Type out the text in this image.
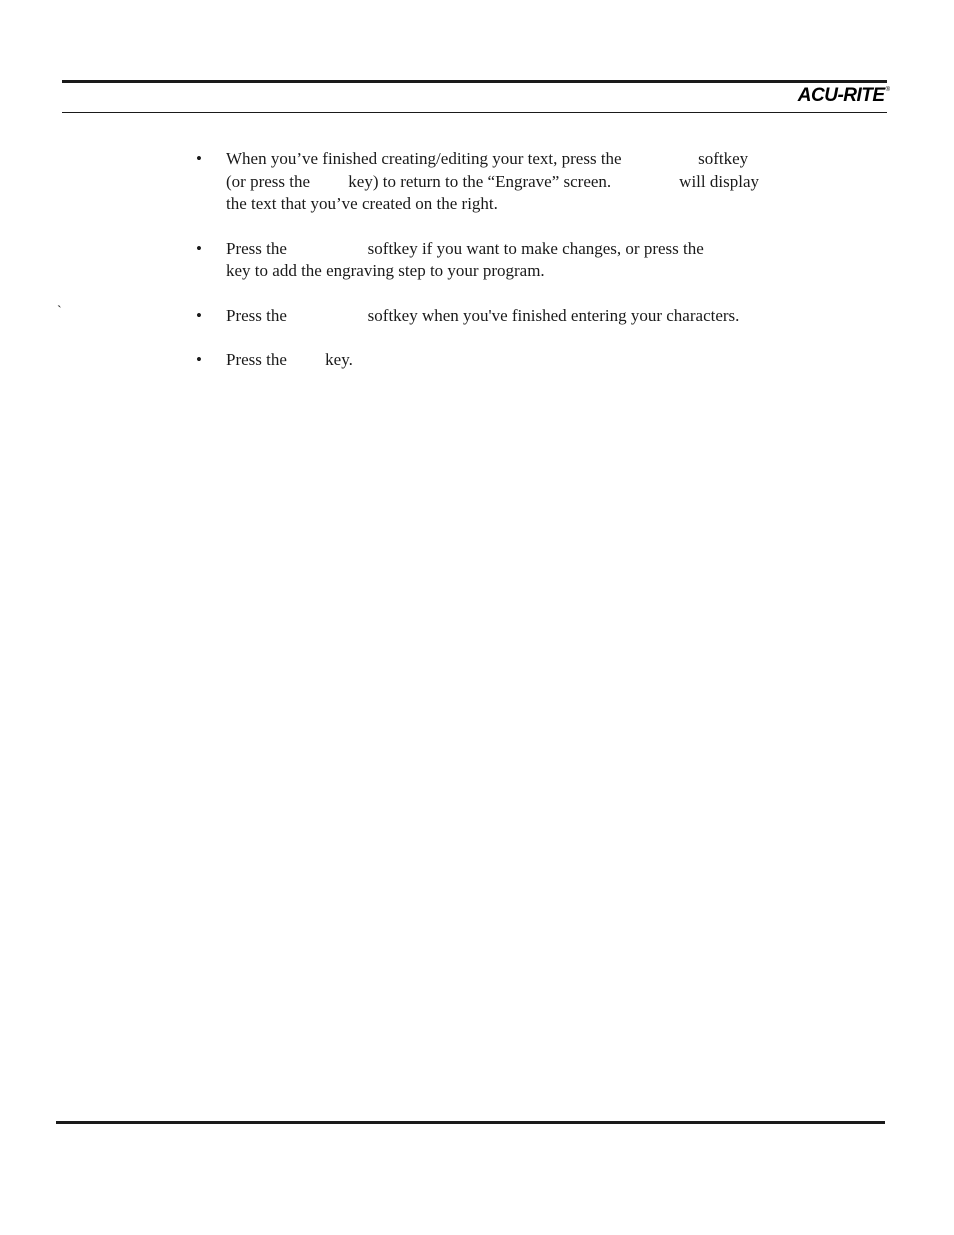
ACU-RITE ®
`
• When you’ve finished creating/editing your text, press the                  softkey
(or press the         key) to return to the “Engrave” screen.                will display
the text that you’ve created on the right.
• Press the                   softkey if you want to make changes, or press the
key to add the engraving step to your program.
• Press the                   softkey when you've finished entering your characters.
• Press the         key.
